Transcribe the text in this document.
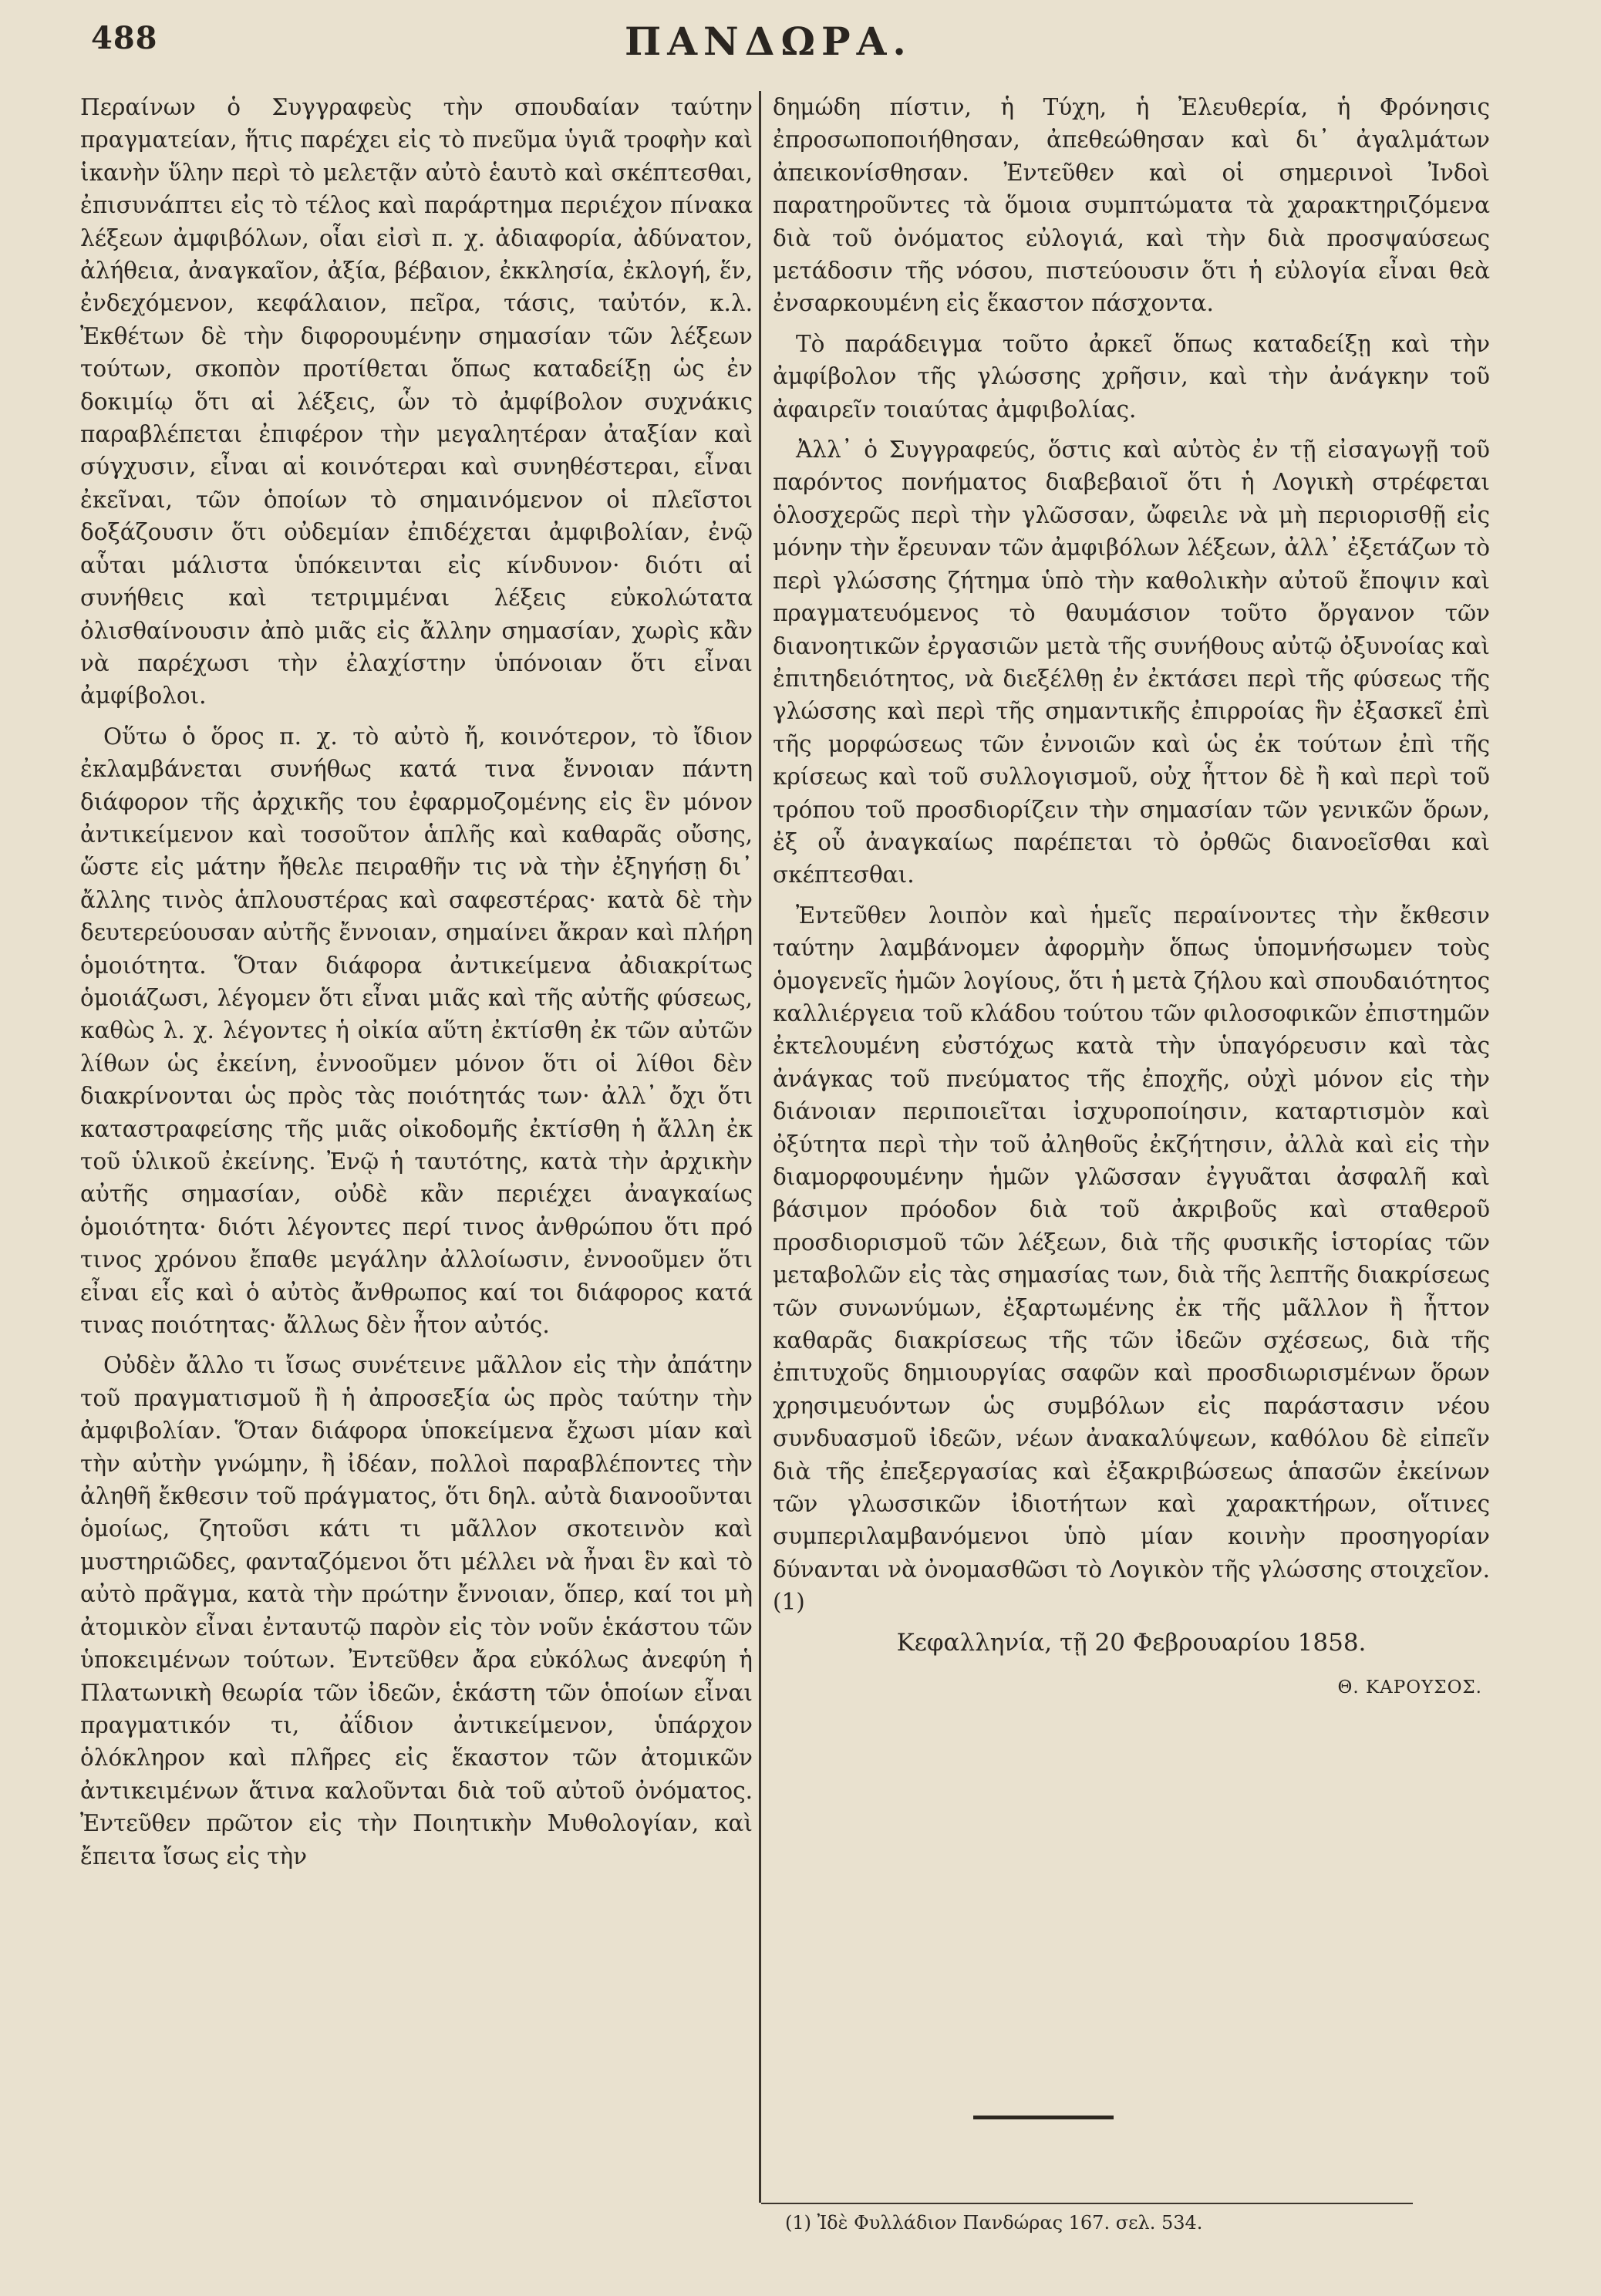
488	ΠΑΝΔΩΡΑ.

Περαίνων ὁ Συγγραφεὺς τὴν σπουδαίαν ταύτην πραγματείαν, ἥτις παρέχει εἰς τὸ πνεῦμα ὑγιᾶ τροφὴν καὶ ἱκανὴν ὕλην περὶ τὸ μελετᾷν αὐτὸ ἑαυτὸ καὶ σκέπτεσθαι, ἐπισυνάπτει εἰς τὸ τέλος καὶ παράρτημα περιέχον πίνακα λέξεων ἀμφιβόλων, οἷαι εἰσὶ π. χ. ἀδιαφορία, ἀδύνατον, ἀλήθεια, ἀναγκαῖον, ἀξία, βέβαιον, ἐκκλησία, ἐκλογή, ἕν, ἐνδεχόμενον, κεφάλαιον, πεῖρα, τάσις, ταὐτόν, κ.λ. Ἐκθέτων δὲ τὴν διφορουμένην σημασίαν τῶν λέξεων τούτων, σκοπὸν προτίθεται ὅπως καταδείξῃ ὡς ἐν δοκιμίῳ ὅτι αἱ λέξεις, ὧν τὸ ἀμφίβολον συχνάκις παραβλέπεται ἐπιφέρον τὴν μεγαλητέραν ἀταξίαν καὶ σύγχυσιν, εἶναι αἱ κοινότεραι καὶ συνηθέστεραι, εἶναι ἐκεῖναι, τῶν ὁποίων τὸ σημαινόμενον οἱ πλεῖστοι δοξάζουσιν ὅτι οὐδεμίαν ἐπιδέχεται ἀμφιβολίαν, ἐνῷ αὗται μάλιστα ὑπόκεινται εἰς κίνδυνον· διότι αἱ συνήθεις καὶ τετριμμέναι λέξεις εὐκολώτατα ὀλισθαίνουσιν ἀπὸ μιᾶς εἰς ἄλλην σημασίαν, χωρὶς κἂν νὰ παρέχωσι τὴν ἐλαχίστην ὑπόνοιαν ὅτι εἶναι ἀμφίβολοι.

Οὕτω ὁ ὅρος π. χ. τὸ αὐτὸ ἤ, κοινότερον, τὸ ἴδιον ἐκλαμβάνεται συνήθως κατά τινα ἔννοιαν πάντη διάφορον τῆς ἀρχικῆς του ἐφαρμοζομένης εἰς ἓν μόνον ἀντικείμενον καὶ τοσοῦτον ἁπλῆς καὶ καθαρᾶς οὔσης, ὥστε εἰς μάτην ἤθελε πειραθῆν τις νὰ τὴν ἐξηγήσῃ δι᾽ ἄλλης τινὸς ἁπλουστέρας καὶ σαφεστέρας· κατὰ δὲ τὴν δευτερεύουσαν αὐτῆς ἔννοιαν, σημαίνει ἄκραν καὶ πλήρη ὁμοιότητα. Ὅταν διάφορα ἀντικείμενα ἀδιακρίτως ὁμοιάζωσι, λέγομεν ὅτι εἶναι μιᾶς καὶ τῆς αὐτῆς φύσεως, καθὼς λ. χ. λέγοντες ἡ οἰκία αὕτη ἐκτίσθη ἐκ τῶν αὐτῶν λίθων ὡς ἐκείνη, ἐννοοῦμεν μόνον ὅτι οἱ λίθοι δὲν διακρίνονται ὡς πρὸς τὰς ποιότητάς των· ἀλλ᾽ ὄχι ὅτι καταστραφείσης τῆς μιᾶς οἰκοδομῆς ἐκτίσθη ἡ ἄλλη ἐκ τοῦ ὑλικοῦ ἐκείνης. Ἐνῷ ἡ ταυτότης, κατὰ τὴν ἀρχικὴν αὐτῆς σημασίαν, οὐδὲ κἂν περιέχει ἀναγκαίως ὁμοιότητα· διότι λέγοντες περί τινος ἀνθρώπου ὅτι πρό τινος χρόνου ἔπαθε μεγάλην ἀλλοίωσιν, ἐννοοῦμεν ὅτι εἶναι εἷς καὶ ὁ αὐτὸς ἄνθρωπος καί τοι διάφορος κατά τινας ποιότητας· ἄλλως δὲν ἦτον αὐτός.

Οὐδὲν ἄλλο τι ἴσως συνέτεινε μᾶλλον εἰς τὴν ἀπάτην τοῦ πραγματισμοῦ ἢ ἡ ἀπροσεξία ὡς πρὸς ταύτην τὴν ἀμφιβολίαν. Ὅταν διάφορα ὑποκείμενα ἔχωσι μίαν καὶ τὴν αὐτὴν γνώμην, ἢ ἰδέαν, πολλοὶ παραβλέποντες τὴν ἀληθῆ ἔκθεσιν τοῦ πράγματος, ὅτι δηλ. αὐτὰ διανοοῦνται ὁμοίως, ζητοῦσι κάτι τι μᾶλλον σκοτεινὸν καὶ μυστηριῶδες, φανταζόμενοι ὅτι μέλλει νὰ ἦναι ἓν καὶ τὸ αὐτὸ πρᾶγμα, κατὰ τὴν πρώτην ἔννοιαν, ὅπερ, καί τοι μὴ ἀτομικὸν εἶναι ἐνταυτῷ παρὸν εἰς τὸν νοῦν ἑκάστου τῶν ὑποκειμένων τούτων. Ἐντεῦθεν ἄρα εὐκόλως ἀνεφύη ἡ Πλατωνικὴ θεωρία τῶν ἰδεῶν, ἑκάστη τῶν ὁποίων εἶναι πραγματικόν τι, ἀΐδιον ἀντικείμενον, ὑπάρχον ὁλόκληρον καὶ πλῆρες εἰς ἕκαστον τῶν ἀτομικῶν ἀντικειμένων ἅτινα καλοῦνται διὰ τοῦ αὐτοῦ ὀνόματος. Ἐντεῦθεν πρῶτον εἰς τὴν Ποιητικὴν Μυθολογίαν, καὶ ἔπειτα ἴσως εἰς τὴν

δημώδη πίστιν, ἡ Τύχη, ἡ Ἐλευθερία, ἡ Φρόνησις ἐπροσωποποιήθησαν, ἀπεθεώθησαν καὶ δι᾽ ἀγαλμάτων ἀπεικονίσθησαν. Ἐντεῦθεν καὶ οἱ σημερινοὶ Ἰνδοὶ παρατηροῦντες τὰ ὅμοια συμπτώματα τὰ χαρακτηριζόμενα διὰ τοῦ ὀνόματος εὐλογιά, καὶ τὴν διὰ προσψαύσεως μετάδοσιν τῆς νόσου, πιστεύουσιν ὅτι ἡ εὐλογία εἶναι θεὰ ἐνσαρκουμένη εἰς ἕκαστον πάσχοντα.

Τὸ παράδειγμα τοῦτο ἀρκεῖ ὅπως καταδείξῃ καὶ τὴν ἀμφίβολον τῆς γλώσσης χρῆσιν, καὶ τὴν ἀνάγκην τοῦ ἀφαιρεῖν τοιαύτας ἀμφιβολίας.

Ἀλλ᾽ ὁ Συγγραφεύς, ὅστις καὶ αὐτὸς ἐν τῇ εἰσαγωγῇ τοῦ παρόντος πονήματος διαβεβαιοῖ ὅτι ἡ Λογικὴ στρέφεται ὁλοσχερῶς περὶ τὴν γλῶσσαν, ὤφειλε νὰ μὴ περιορισθῇ εἰς μόνην τὴν ἔρευναν τῶν ἀμφιβόλων λέξεων, ἀλλ᾽ ἐξετάζων τὸ περὶ γλώσσης ζήτημα ὑπὸ τὴν καθολικὴν αὐτοῦ ἔποψιν καὶ πραγματευόμενος τὸ θαυμάσιον τοῦτο ὄργανον τῶν διανοητικῶν ἐργασιῶν μετὰ τῆς συνήθους αὐτῷ ὀξυνοίας καὶ ἐπιτηδειότητος, νὰ διεξέλθῃ ἐν ἐκτάσει περὶ τῆς φύσεως τῆς γλώσσης καὶ περὶ τῆς σημαντικῆς ἐπιρροίας ἣν ἐξασκεῖ ἐπὶ τῆς μορφώσεως τῶν ἐννοιῶν καὶ ὡς ἐκ τούτων ἐπὶ τῆς κρίσεως καὶ τοῦ συλλογισμοῦ, οὐχ ἧττον δὲ ἢ καὶ περὶ τοῦ τρόπου τοῦ προσδιορίζειν τὴν σημασίαν τῶν γενικῶν ὅρων, ἐξ οὗ ἀναγκαίως παρέπεται τὸ ὀρθῶς διανοεῖσθαι καὶ σκέπτεσθαι.

Ἐντεῦθεν λοιπὸν καὶ ἡμεῖς περαίνοντες τὴν ἔκθεσιν ταύτην λαμβάνομεν ἀφορμὴν ὅπως ὑπομνήσωμεν τοὺς ὁμογενεῖς ἡμῶν λογίους, ὅτι ἡ μετὰ ζήλου καὶ σπουδαιότητος καλλιέργεια τοῦ κλάδου τούτου τῶν φιλοσοφικῶν ἐπιστημῶν ἐκτελουμένη εὐστόχως κατὰ τὴν ὑπαγόρευσιν καὶ τὰς ἀνάγκας τοῦ πνεύματος τῆς ἐποχῆς, οὐχὶ μόνον εἰς τὴν διάνοιαν περιποιεῖται ἰσχυροποίησιν, καταρτισμὸν καὶ ὀξύτητα περὶ τὴν τοῦ ἀληθοῦς ἐκζήτησιν, ἀλλὰ καὶ εἰς τὴν διαμορφουμένην ἡμῶν γλῶσσαν ἐγγυᾶται ἀσφαλῆ καὶ βάσιμον πρόοδον διὰ τοῦ ἀκριβοῦς καὶ σταθεροῦ προσδιορισμοῦ τῶν λέξεων, διὰ τῆς φυσικῆς ἱστορίας τῶν μεταβολῶν εἰς τὰς σημασίας των, διὰ τῆς λεπτῆς διακρίσεως τῶν συνωνύμων, ἐξαρτωμένης ἐκ τῆς μᾶλλον ἢ ἧττον καθαρᾶς διακρίσεως τῆς τῶν ἰδεῶν σχέσεως, διὰ τῆς ἐπιτυχοῦς δημιουργίας σαφῶν καὶ προσδιωρισμένων ὅρων χρησιμευόντων ὡς συμβόλων εἰς παράστασιν νέου συνδυασμοῦ ἰδεῶν, νέων ἀνακαλύψεων, καθόλου δὲ εἰπεῖν διὰ τῆς ἐπεξεργασίας καὶ ἐξακριβώσεως ἁπασῶν ἐκείνων τῶν γλωσσικῶν ἰδιοτήτων καὶ χαρακτήρων, οἵτινες συμπεριλαμβανόμενοι ὑπὸ μίαν κοινὴν προσηγορίαν δύνανται νὰ ὀνομασθῶσι τὸ Λογικὸν τῆς γλώσσης στοιχεῖον. (1)

Κεφαλληνία, τῇ 20 Φεβρουαρίου 1858.
Θ. ΚΑΡΟΥΣΟΣ.
(1) Ἰδὲ Φυλλάδιον Πανδώρας 167. σελ. 534.
